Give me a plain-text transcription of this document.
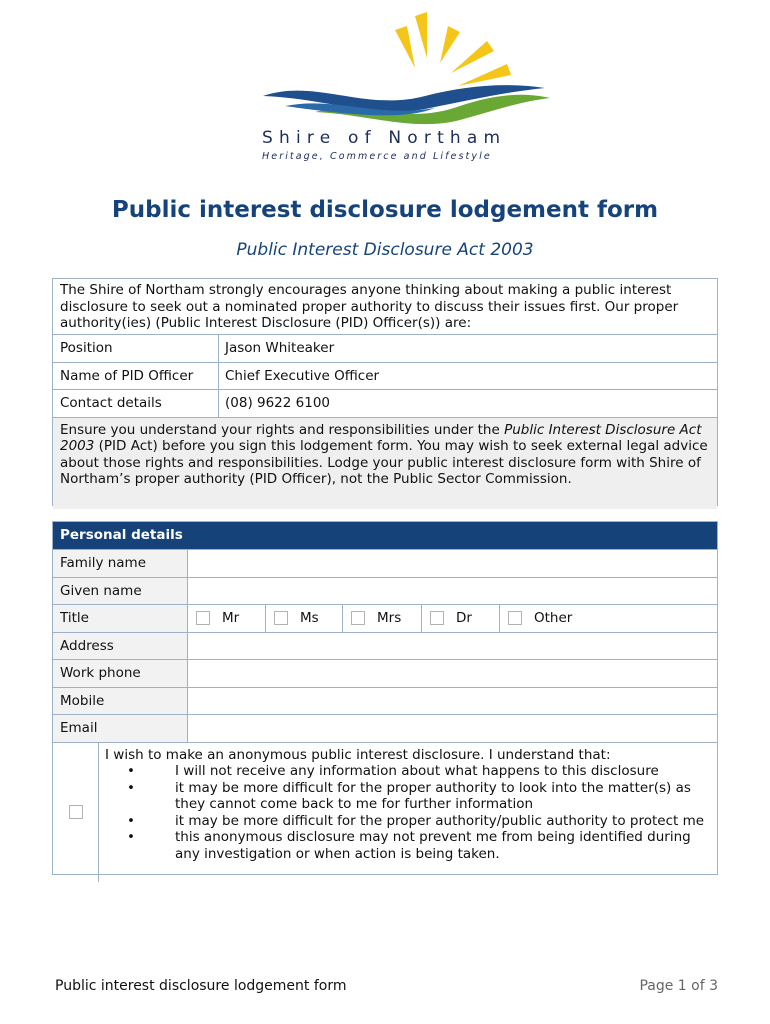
Shire of Northam
Heritage, Commerce and Lifestyle
Public interest disclosure lodgement form
Public Interest Disclosure Act 2003
The Shire of Northam strongly encourages anyone thinking about making a public interest disclosure to seek out a nominated proper authority to discuss their issues first. Our proper authority(ies) (Public Interest Disclosure (PID) Officer(s)) are:
Position	Jason Whiteaker
Name of PID Officer	Chief Executive Officer
Contact details	(08) 9622 6100
Ensure you understand your rights and responsibilities under the Public Interest Disclosure Act 2003 (PID Act) before you sign this lodgement form. You may wish to seek external legal advice about those rights and responsibilities. Lodge your public interest disclosure form with Shire of Northam’s proper authority (PID Officer), not the Public Sector Commission.
Personal details
Family name
Given name
Title	Mr	Ms	Mrs	Dr	Other
Address
Work phone
Mobile
Email
I wish to make an anonymous public interest disclosure. I understand that:
• I will not receive any information about what happens to this disclosure
• it may be more difficult for the proper authority to look into the matter(s) as they cannot come back to me for further information
• it may be more difficult for the proper authority/public authority to protect me
• this anonymous disclosure may not prevent me from being identified during any investigation or when action is being taken.
Public interest disclosure lodgement form	Page 1 of 3
